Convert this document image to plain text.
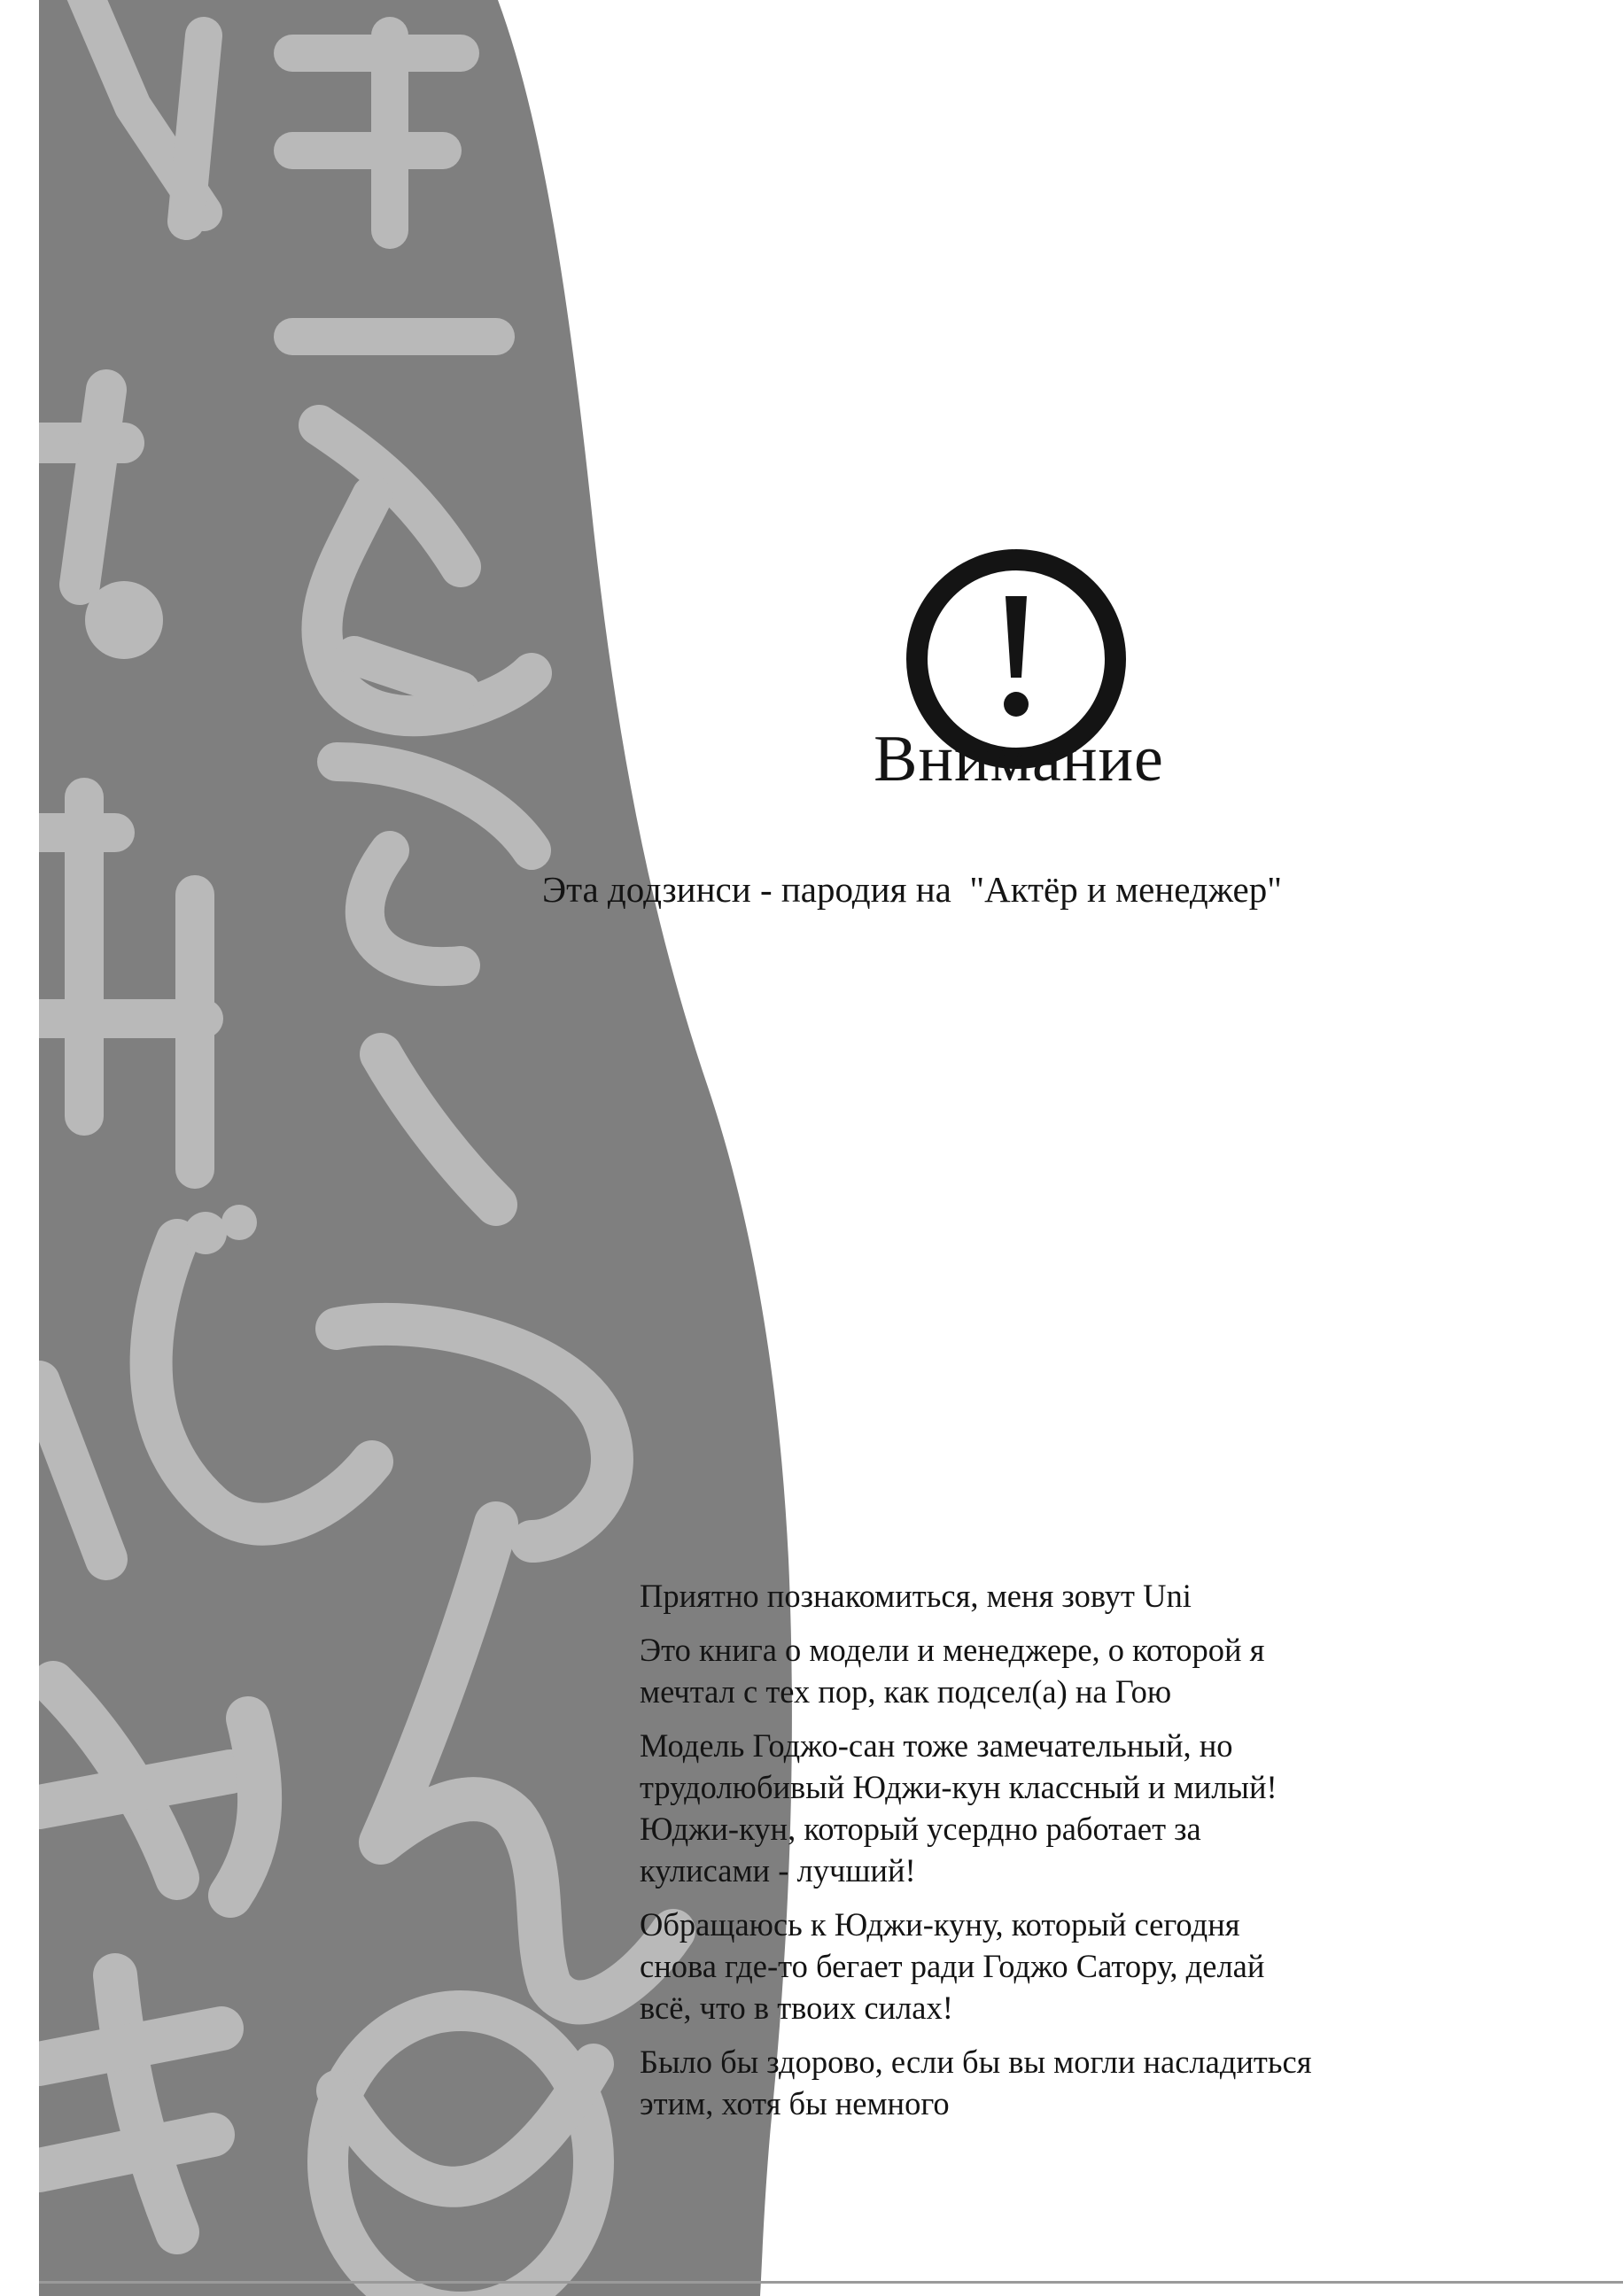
Внимание
Эта додзинси - пародия на  "Актёр и менеджер"

Приятно познакомиться, меня зовут Uni

Это книга о модели и менеджере, о которой я
мечтал с тех пор, как подсел(а) на Гою

Модель Годжо-сан тоже замечательный, но
трудолюбивый Юджи-кун классный и милый!
Юджи-кун, который усердно работает за
кулисами - лучший!

Обращаюсь к Юджи-куну, который сегодня
снова где-то бегает ради Годжо Сатору, делай
всё, что в твоих силах!

Было бы здорово, если бы вы могли насладиться
этим, хотя бы немного
